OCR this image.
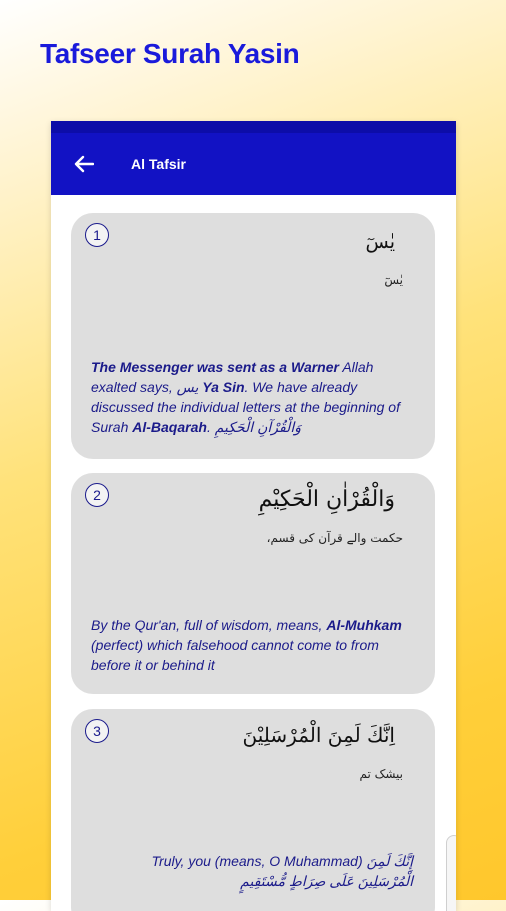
Tafseer Surah Yasin
Al Tafsir
1	يٰسٓ
یٰسٓ
The Messenger was sent as a Warner Allah exalted says, يس Ya Sin. We have already discussed the individual letters at the beginning of Surah Al-Baqarah. وَالْقُرْآنِ الْحَكِيمِ
2	وَالْقُرْاٰنِ الْحَكِيْمِ
حکمت والے قرآن کی قسم،
By the Qur'an, full of wisdom, means, Al-Muhkam (perfect) which falsehood cannot come to from before it or behind it
3	اِنَّكَ لَمِنَ الْمُرْسَلِيْنَ
بیشک تم
إِنَّكَ لَمِنَ Truly, you (means, O Muhammad)
الْمُرْسَلِينَ عَلَى صِرَاطٍ مُّسْتَقِيمٍ
